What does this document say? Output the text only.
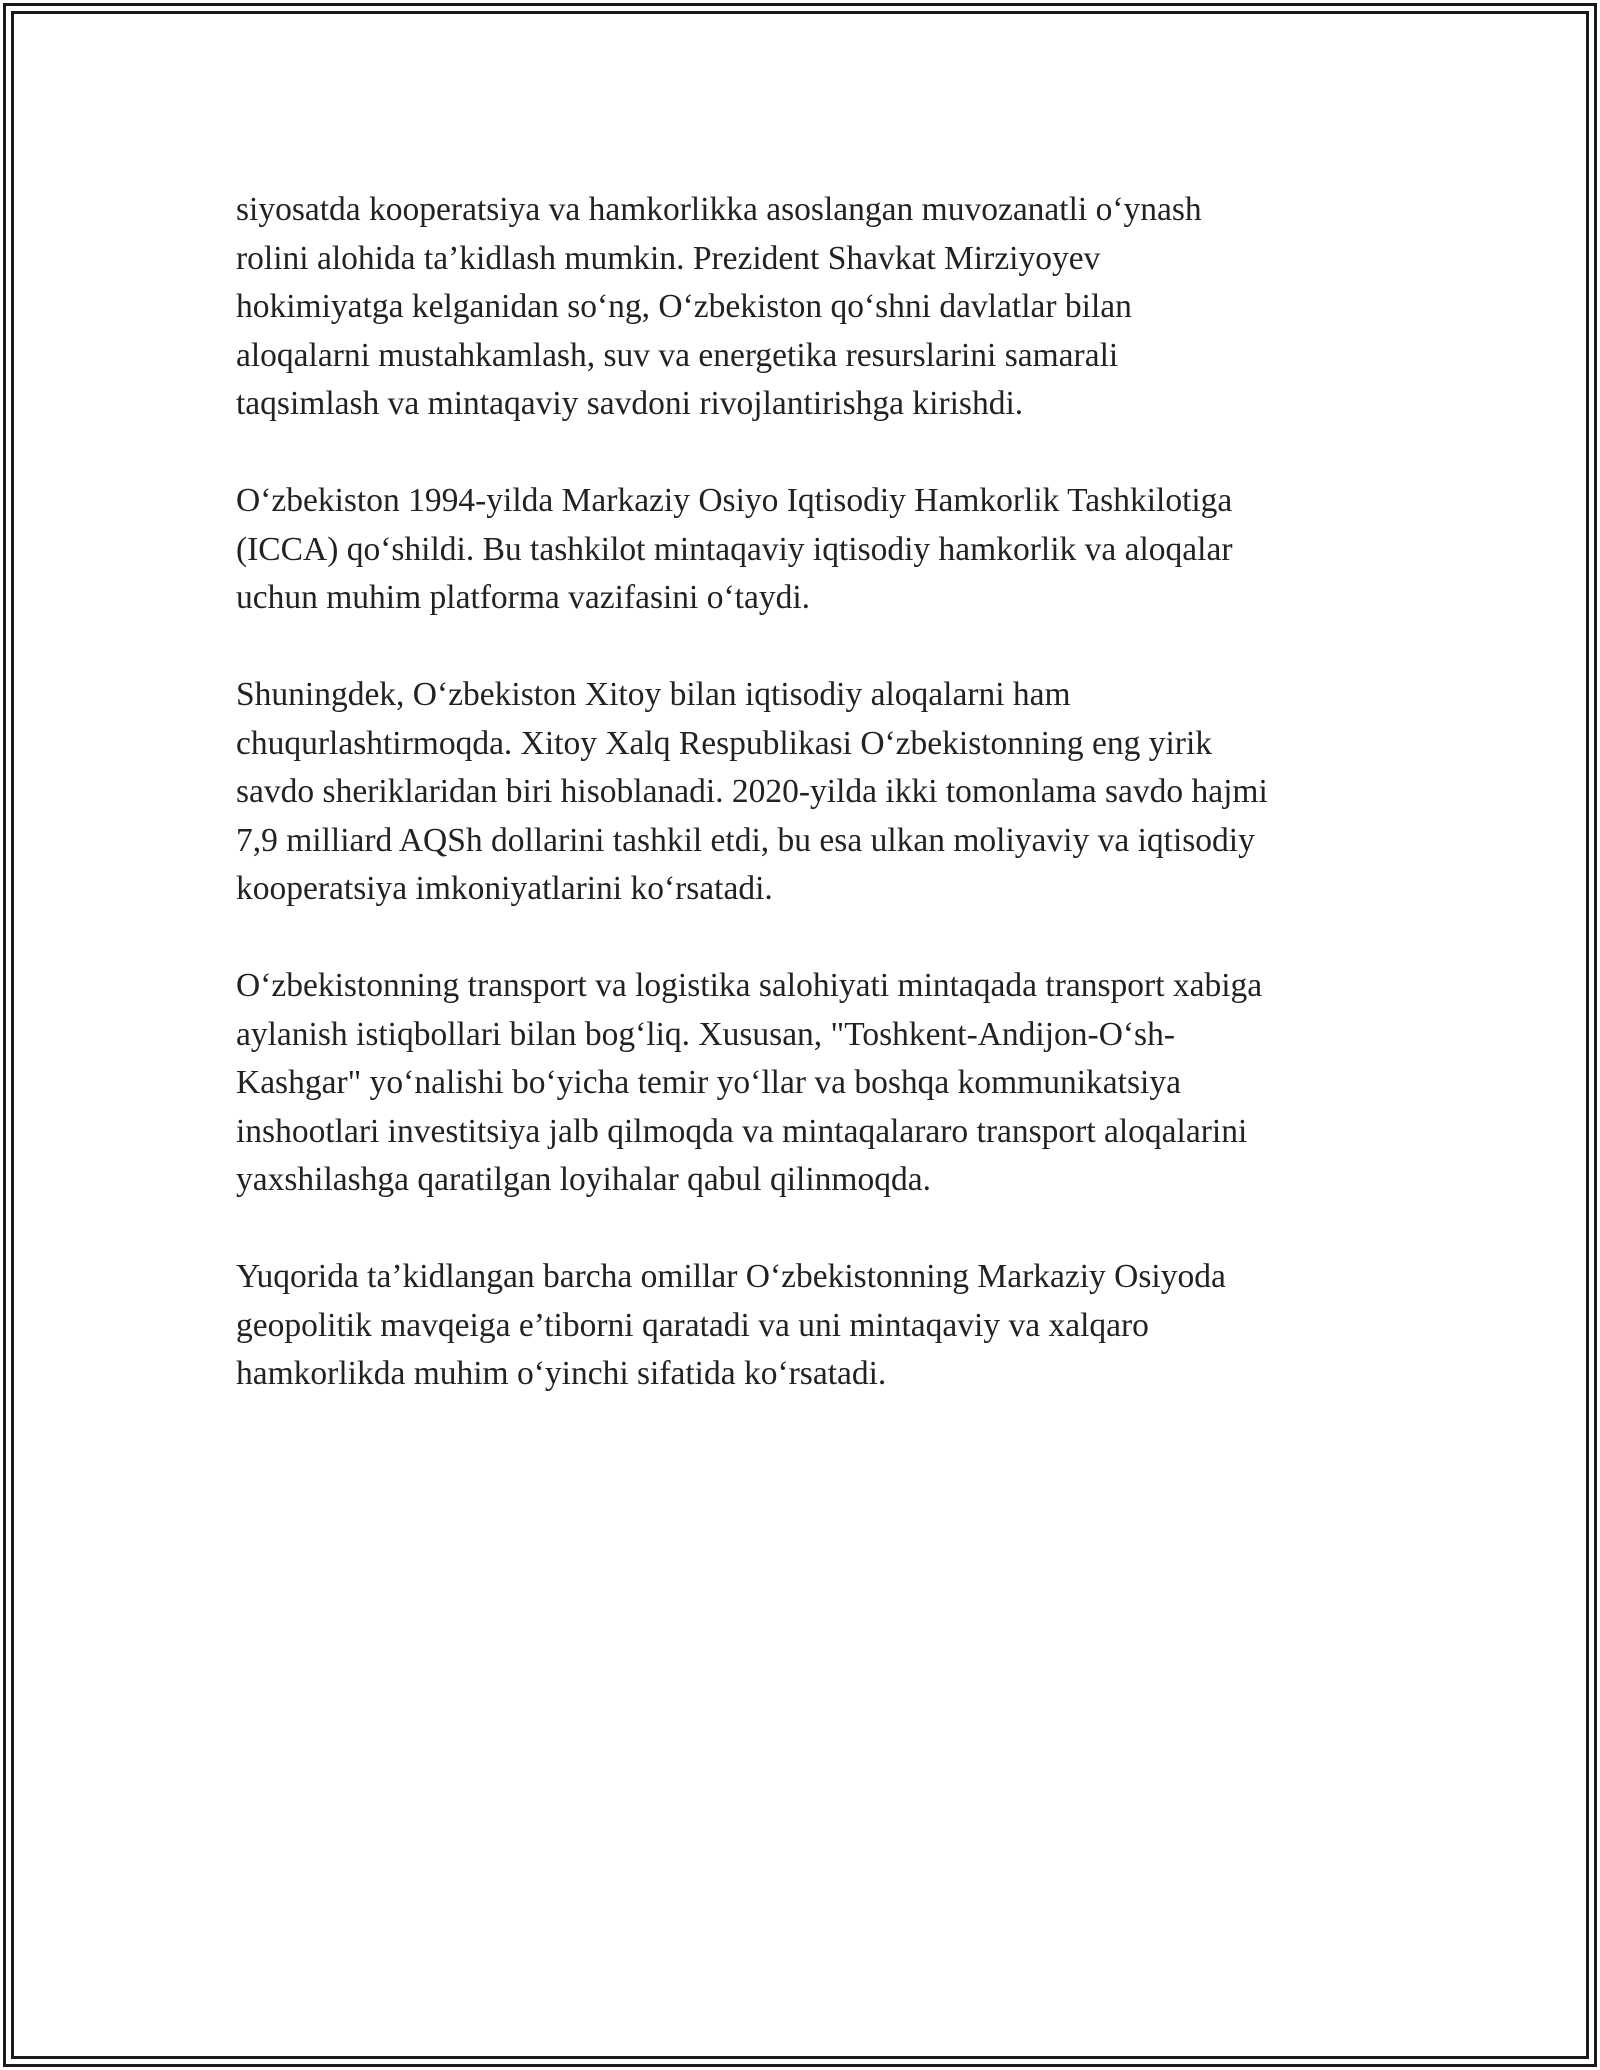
siyosatda kooperatsiya va hamkorlikka asoslangan muvozanatli o‘ynash
rolini alohida ta’kidlash mumkin. Prezident Shavkat Mirziyoyev
hokimiyatga kelganidan so‘ng, O‘zbekiston qo‘shni davlatlar bilan
aloqalarni mustahkamlash, suv va energetika resurslarini samarali
taqsimlash va mintaqaviy savdoni rivojlantirishga kirishdi.
O‘zbekiston 1994-yilda Markaziy Osiyo Iqtisodiy Hamkorlik Tashkilotiga
(ICCA) qo‘shildi. Bu tashkilot mintaqaviy iqtisodiy hamkorlik va aloqalar
uchun muhim platforma vazifasini o‘taydi.
Shuningdek, O‘zbekiston Xitoy bilan iqtisodiy aloqalarni ham
chuqurlashtirmoqda. Xitoy Xalq Respublikasi O‘zbekistonning eng yirik
savdo sheriklaridan biri hisoblanadi. 2020-yilda ikki tomonlama savdo hajmi
7,9 milliard AQSh dollarini tashkil etdi, bu esa ulkan moliyaviy va iqtisodiy
kooperatsiya imkoniyatlarini ko‘rsatadi.
O‘zbekistonning transport va logistika salohiyati mintaqada transport xabiga
aylanish istiqbollari bilan bog‘liq. Xususan, "Toshkent-Andijon-O‘sh-
Kashgar" yo‘nalishi bo‘yicha temir yo‘llar va boshqa kommunikatsiya
inshootlari investitsiya jalb qilmoqda va mintaqalararo transport aloqalarini
yaxshilashga qaratilgan loyihalar qabul qilinmoqda.
Yuqorida ta’kidlangan barcha omillar O‘zbekistonning Markaziy Osiyoda
geopolitik mavqeiga e’tiborni qaratadi va uni mintaqaviy va xalqaro
hamkorlikda muhim o‘yinchi sifatida ko‘rsatadi.
